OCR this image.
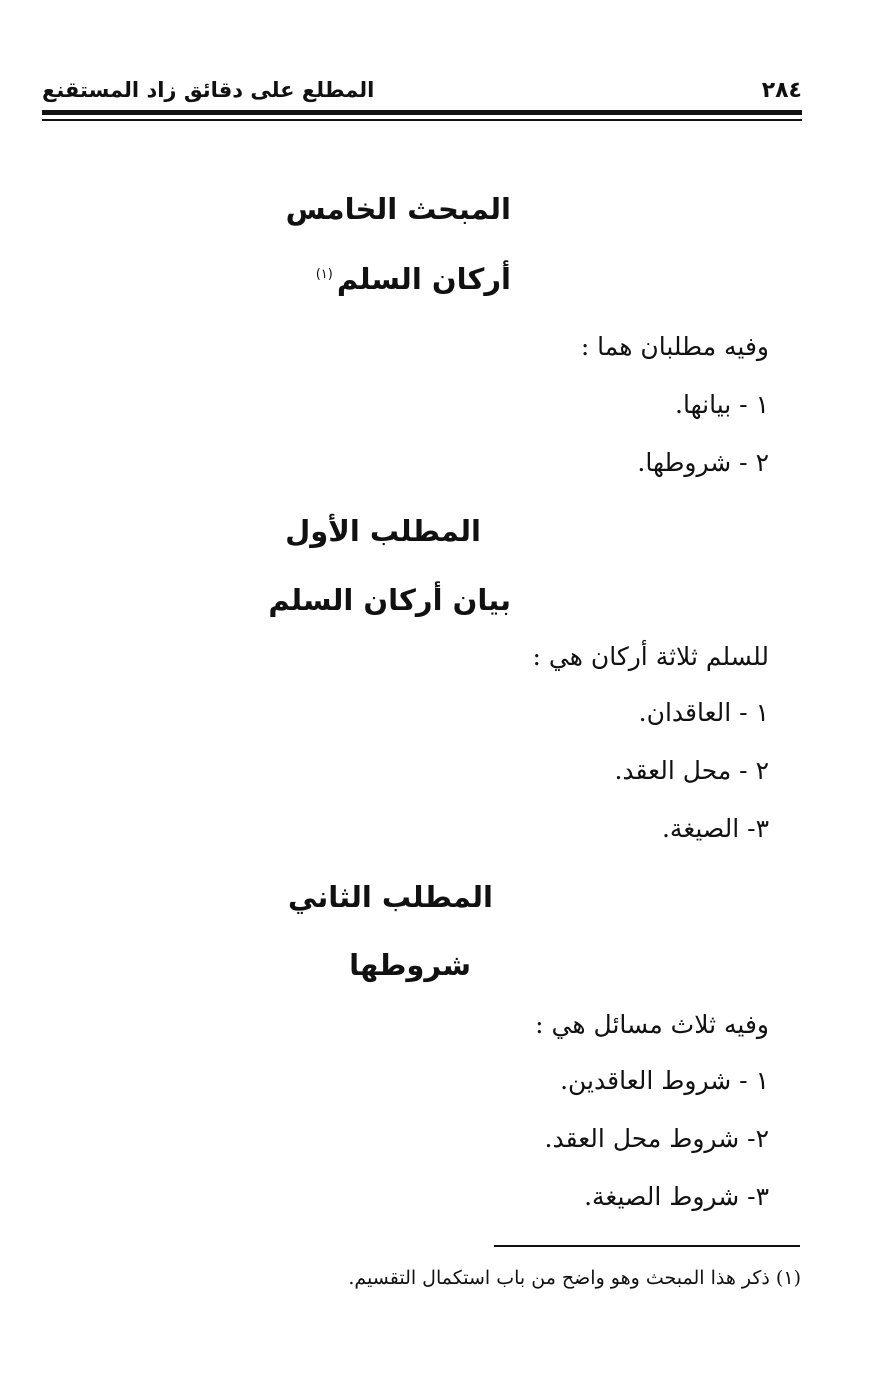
٢٨٤
المطلع على دقائق زاد المستقنع
المبحث الخامس
أركان السلم$^{(١)}$
وفيه مطلبان هما :
١ - بيانها.
٢ - شروطها.
المطلب الأول
بيان أركان السلم
للسلم ثلاثة أركان هي :
١ - العاقدان.
٢ - محل العقد.
٣- الصيغة.
المطلب الثاني
شروطها
وفيه ثلاث مسائل هي :
١ - شروط العاقدين.
٢- شروط محل العقد.
٣- شروط الصيغة.
(١) ذكر هذا المبحث وهو واضح من باب استكمال التقسيم.
